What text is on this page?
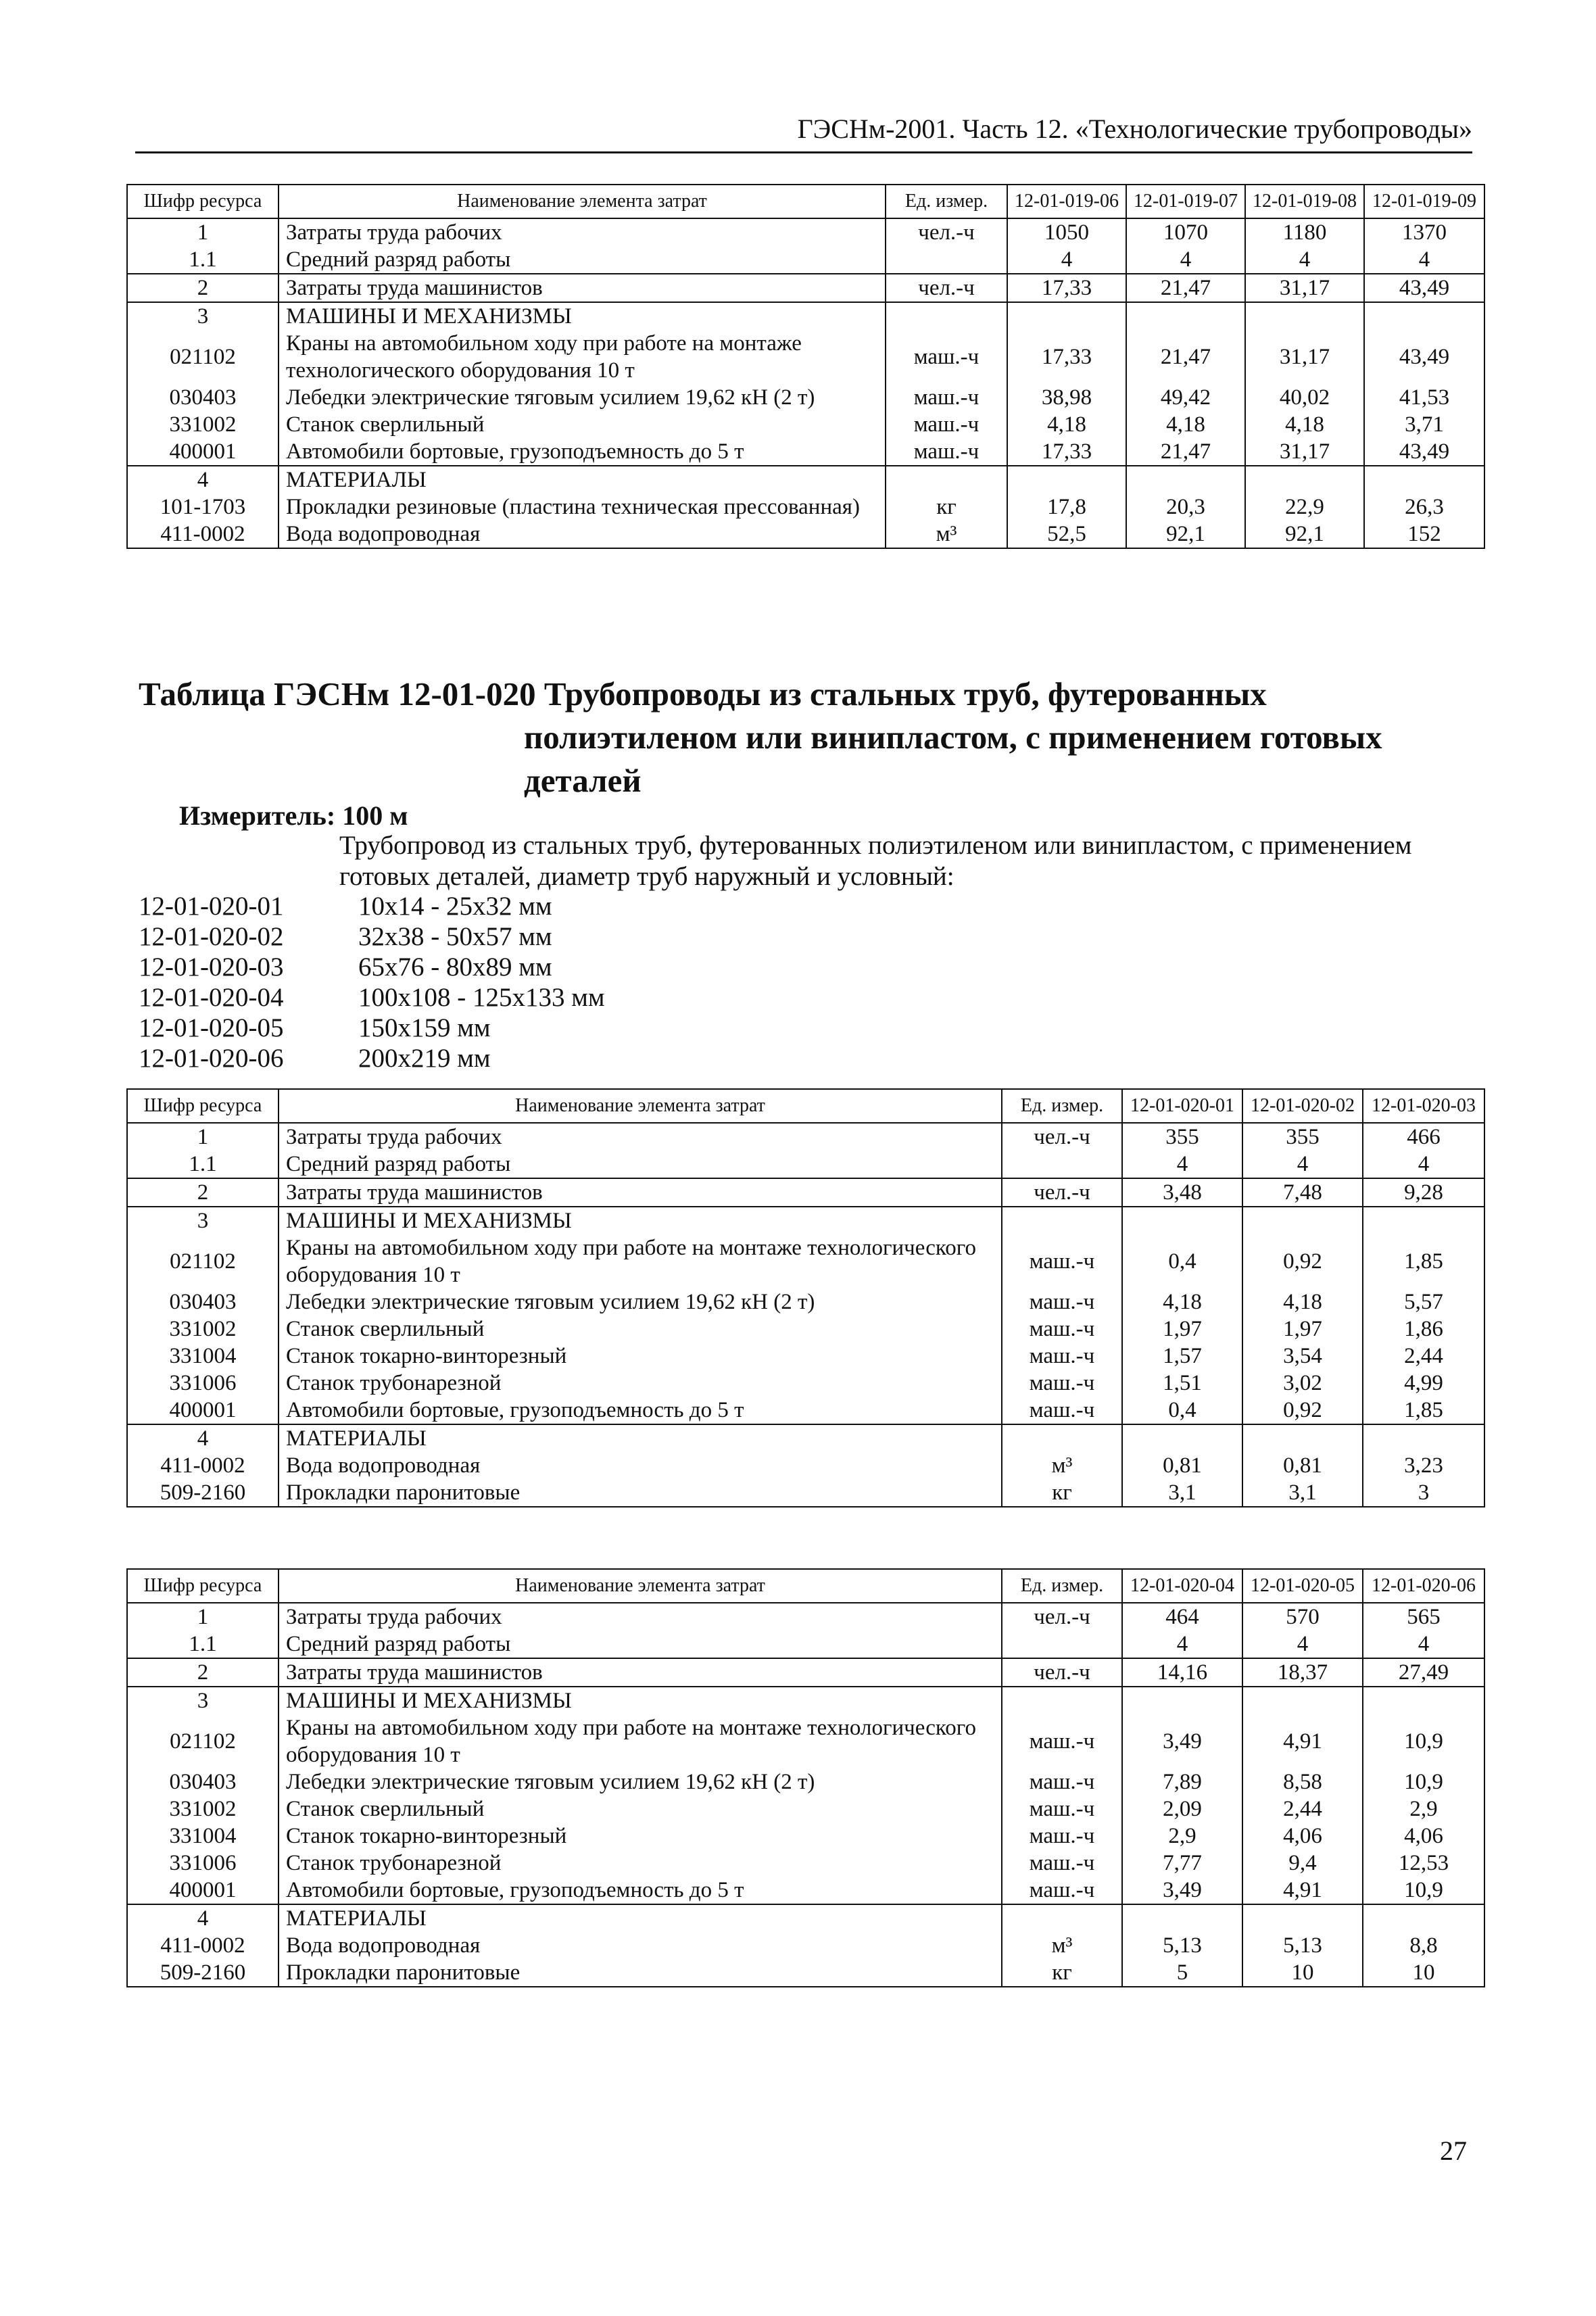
ГЭСНм-2001. Часть 12. «Технологические трубопроводы»
Шифр ресурса	Наименование элемента затрат	Ед. измер.	12-01-019-06	12-01-019-07	12-01-019-08	12-01-019-09
1	Затраты труда рабочих	чел.-ч	1050	1070	1180	1370
1.1	Средний разряд работы		4	4	4	4
2	Затраты труда машинистов	чел.-ч	17,33	21,47	31,17	43,49
3	МАШИНЫ И МЕХАНИЗМЫ					
021102	Краны на автомобильном ходу при работе на монтаже технологического оборудования 10 т	маш.-ч	17,33	21,47	31,17	43,49
030403	Лебедки электрические тяговым усилием 19,62 кН (2 т)	маш.-ч	38,98	49,42	40,02	41,53
331002	Станок сверлильный	маш.-ч	4,18	4,18	4,18	3,71
400001	Автомобили бортовые, грузоподъемность до 5 т	маш.-ч	17,33	21,47	31,17	43,49
4	МАТЕРИАЛЫ					
101-1703	Прокладки резиновые (пластина техническая прессованная)	кг	17,8	20,3	22,9	26,3
411-0002	Вода водопроводная	м³	52,5	92,1	92,1	152
Таблица ГЭСНм 12-01-020 Трубопроводы из стальных труб, футерованных
полиэтиленом или винипластом, с применением готовых деталей
Измеритель: 100 м
Трубопровод из стальных труб, футерованных полиэтиленом или винипластом, с применением готовых деталей, диаметр труб наружный и условный:
12-01-020-01	10x14 - 25x32 мм
12-01-020-02	32x38 - 50x57 мм
12-01-020-03	65x76 - 80x89 мм
12-01-020-04	100x108 - 125x133 мм
12-01-020-05	150x159 мм
12-01-020-06	200x219 мм
Шифр ресурса	Наименование элемента затрат	Ед. измер.	12-01-020-01	12-01-020-02	12-01-020-03
1	Затраты труда рабочих	чел.-ч	355	355	466
1.1	Средний разряд работы		4	4	4
2	Затраты труда машинистов	чел.-ч	3,48	7,48	9,28
3	МАШИНЫ И МЕХАНИЗМЫ				
021102	Краны на автомобильном ходу при работе на монтаже технологического оборудования 10 т	маш.-ч	0,4	0,92	1,85
030403	Лебедки электрические тяговым усилием 19,62 кН (2 т)	маш.-ч	4,18	4,18	5,57
331002	Станок сверлильный	маш.-ч	1,97	1,97	1,86
331004	Станок токарно-винторезный	маш.-ч	1,57	3,54	2,44
331006	Станок трубонарезной	маш.-ч	1,51	3,02	4,99
400001	Автомобили бортовые, грузоподъемность до 5 т	маш.-ч	0,4	0,92	1,85
4	МАТЕРИАЛЫ				
411-0002	Вода водопроводная	м³	0,81	0,81	3,23
509-2160	Прокладки паронитовые	кг	3,1	3,1	3
Шифр ресурса	Наименование элемента затрат	Ед. измер.	12-01-020-04	12-01-020-05	12-01-020-06
1	Затраты труда рабочих	чел.-ч	464	570	565
1.1	Средний разряд работы		4	4	4
2	Затраты труда машинистов	чел.-ч	14,16	18,37	27,49
3	МАШИНЫ И МЕХАНИЗМЫ				
021102	Краны на автомобильном ходу при работе на монтаже технологического оборудования 10 т	маш.-ч	3,49	4,91	10,9
030403	Лебедки электрические тяговым усилием 19,62 кН (2 т)	маш.-ч	7,89	8,58	10,9
331002	Станок сверлильный	маш.-ч	2,09	2,44	2,9
331004	Станок токарно-винторезный	маш.-ч	2,9	4,06	4,06
331006	Станок трубонарезной	маш.-ч	7,77	9,4	12,53
400001	Автомобили бортовые, грузоподъемность до 5 т	маш.-ч	3,49	4,91	10,9
4	МАТЕРИАЛЫ				
411-0002	Вода водопроводная	м³	5,13	5,13	8,8
509-2160	Прокладки паронитовые	кг	5	10	10
27
